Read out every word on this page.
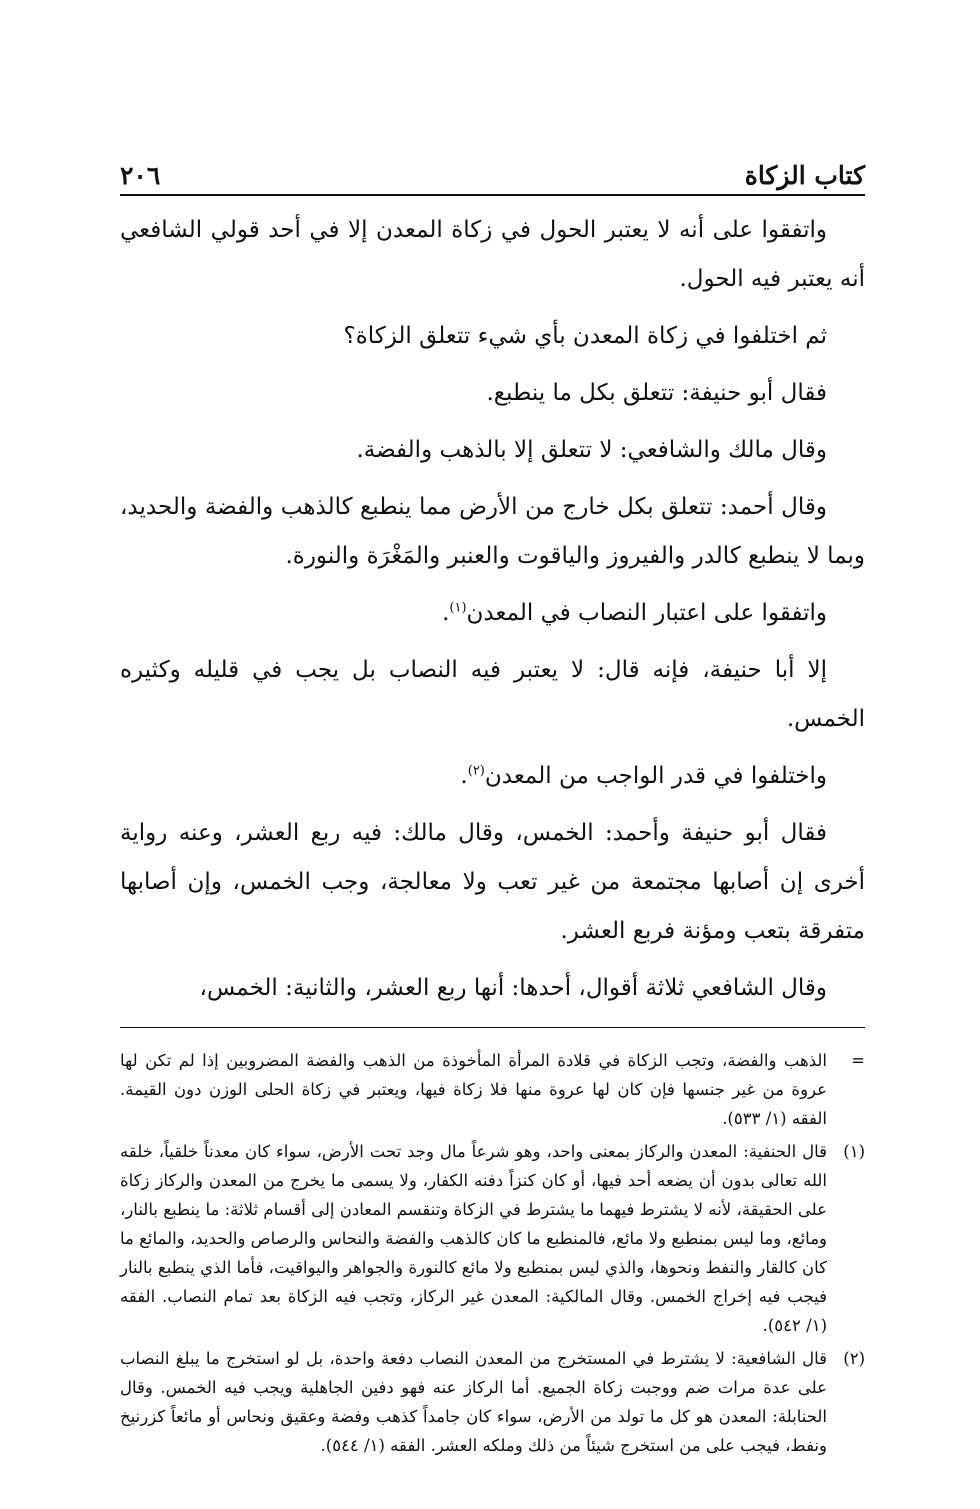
كتاب الزكاة
٢٠٦

واتفقوا على أنه لا يعتبر الحول في زكاة المعدن إلا في أحد قولي الشافعي أنه يعتبر فيه الحول.

ثم اختلفوا في زكاة المعدن بأي شيء تتعلق الزكاة؟

فقال أبو حنيفة: تتعلق بكل ما ينطبع.

وقال مالك والشافعي: لا تتعلق إلا بالذهب والفضة.

وقال أحمد: تتعلق بكل خارج من الأرض مما ينطبع كالذهب والفضة والحديد، وبما لا ينطبع كالدر والفيروز والياقوت والعنبر والمَغْرَة والنورة.

واتفقوا على اعتبار النصاب في المعدن$^{(١)}$.

إلا أبا حنيفة، فإنه قال: لا يعتبر فيه النصاب بل يجب في قليله وكثيره الخمس.

واختلفوا في قدر الواجب من المعدن$^{(٢)}$.

فقال أبو حنيفة وأحمد: الخمس، وقال مالك: فيه ربع العشر، وعنه رواية أخرى إن أصابها مجتمعة من غير تعب ولا معالجة، وجب الخمس، وإن أصابها متفرقة بتعب ومؤنة فربع العشر.

وقال الشافعي ثلاثة أقوال، أحدها: أنها ربع العشر، والثانية: الخمس،

=
الذهب والفضة، وتجب الزكاة في قلادة المرأة المأخوذة من الذهب والفضة المضروبين إذا لم تكن لها عروة من غير جنسها فإن كان لها عروة منها فلا زكاة فيها، ويعتبر في زكاة الحلى الوزن دون القيمة. الفقه (١/ ٥٣٣).
(١)
قال الحنفية: المعدن والركاز بمعنى واحد، وهو شرعاً مال وجد تحت الأرض، سواء كان معدناً خلقياً، خلقه الله تعالى بدون أن يضعه أحد فيها، أو كان كنزاً دفنه الكفار، ولا يسمى ما يخرج من المعدن والركاز زكاة على الحقيقة، لأنه لا يشترط فيهما ما يشترط في الزكاة وتنقسم المعادن إلى أقسام ثلاثة: ما ينطبع بالنار، ومائع، وما ليس بمنطبع ولا مائع، فالمنطبع ما كان كالذهب والفضة والنحاس والرصاص والحديد، والمائع ما كان كالقار والنفط ونحوها، والذي ليس بمنطبع ولا مائع كالنورة والجواهر واليواقيت، فأما الذي ينطبع بالنار فيجب فيه إخراج الخمس. وقال المالكية: المعدن غير الركاز، وتجب فيه الزكاة بعد تمام النصاب. الفقه (١/ ٥٤٢).
(٢)
قال الشافعية: لا يشترط في المستخرج من المعدن النصاب دفعة واحدة، بل لو استخرج ما يبلغ النصاب على عدة مرات ضم ووجبت زكاة الجميع. أما الركاز عنه فهو دفين الجاهلية ويجب فيه الخمس. وقال الحنابلة: المعدن هو كل ما تولد من الأرض، سواء كان جامداً كذهب وفضة وعقيق ونحاس أو مائعاً كزرنيخ ونفط، فيجب على من استخرج شيئاً من ذلك وملكه العشر. الفقه (١/ ٥٤٤).
